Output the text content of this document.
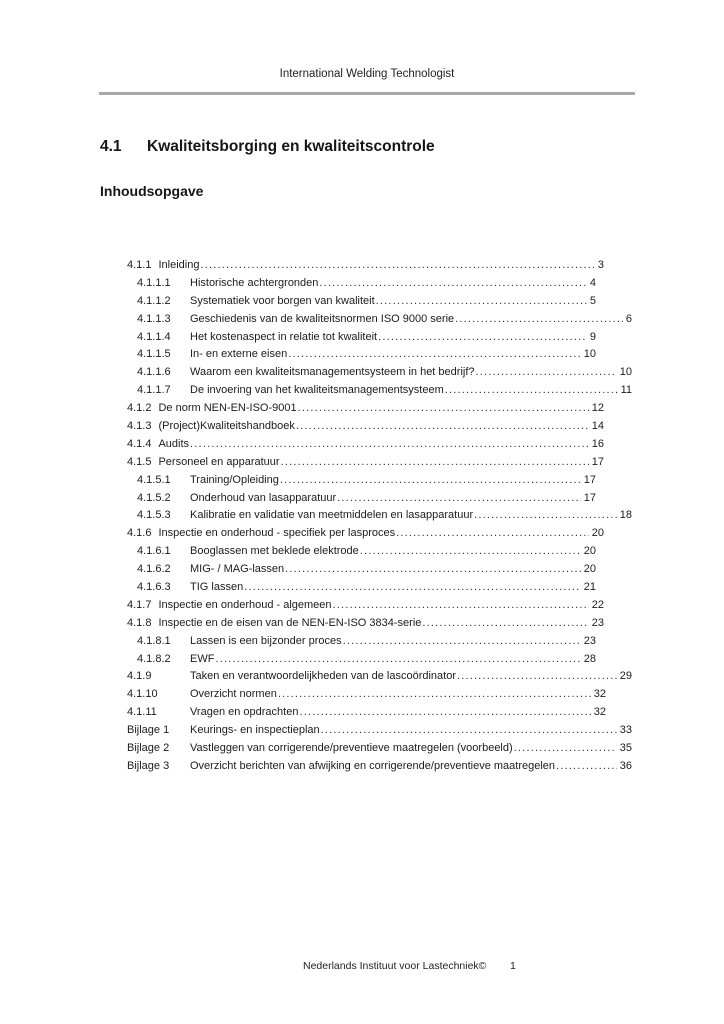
International Welding Technologist
4.1	Kwaliteitsborging en kwaliteitscontrole
Inhoudsopgave
4.1.1 Inleiding .....	3
4.1.1.1	Historische achtergronden .....	4
4.1.1.2	Systematiek voor borgen van kwaliteit .....	5
4.1.1.3	Geschiedenis van de kwaliteitsnormen ISO 9000 serie .....	6
4.1.1.4	Het kostenaspect in relatie tot kwaliteit .....	9
4.1.1.5	In- en externe eisen .....	10
4.1.1.6	Waarom een kwaliteitsmanagementsysteem in het bedrijf? .....	10
4.1.1.7	De invoering van het kwaliteitsmanagementsysteem .....	11
4.1.2 De norm NEN-EN-ISO-9001 .....	12
4.1.3 (Project)Kwaliteitshandboek .....	14
4.1.4 Audits .....	16
4.1.5 Personeel en apparatuur .....	17
4.1.5.1	Training/Opleiding .....	17
4.1.5.2	Onderhoud van lasapparatuur .....	17
4.1.5.3	Kalibratie en validatie van meetmiddelen en lasapparatuur .....	18
4.1.6 Inspectie en onderhoud - specifiek per lasproces .....	20
4.1.6.1	Booglassen met beklede elektrode .....	20
4.1.6.2	MIG- / MAG-lassen .....	20
4.1.6.3	TIG lassen .....	21
4.1.7 Inspectie en onderhoud - algemeen .....	22
4.1.8 Inspectie en de eisen van de NEN-EN-ISO 3834-serie .....	23
4.1.8.1	Lassen is een bijzonder proces .....	23
4.1.8.2	EWF .....	28
4.1.9	Taken en verantwoordelijkheden van de lascoördinator .....	29
4.1.10	Overzicht normen .....	32
4.1.11	Vragen en opdrachten .....	32
Bijlage 1	Keurings- en inspectieplan .....	33
Bijlage 2	Vastleggen van corrigerende/preventieve maatregelen (voorbeeld) .....	35
Bijlage 3	Overzicht berichten van afwijking en corrigerende/preventieve maatregelen .....	36
Nederlands Instituut voor Lastechniek© 1
